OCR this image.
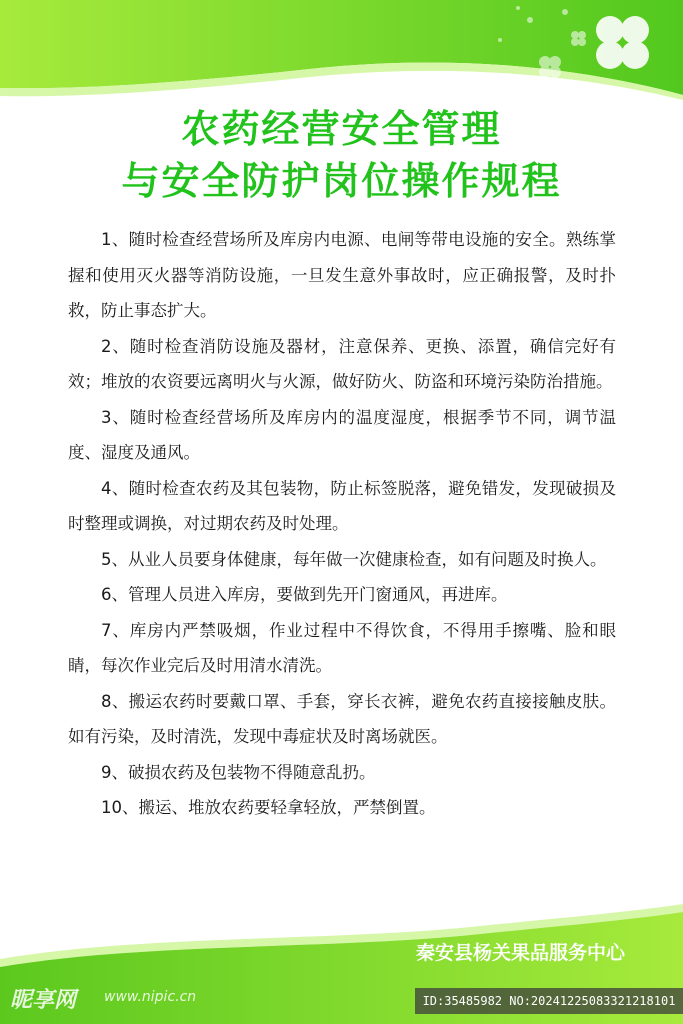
农药经营安全管理
与安全防护岗位操作规程

1、随时检查经营场所及库房内电源、电闸等带电设施的安全。熟练掌握和使用灭火器等消防设施，一旦发生意外事故时，应正确报警，及时扑救，防止事态扩大。

2、随时检查消防设施及器材，注意保养、更换、添置，确信完好有效；堆放的农资要远离明火与火源，做好防火、防盗和环境污染防治措施。

3、随时检查经营场所及库房内的温度湿度，根据季节不同，调节温度、湿度及通风。

4、随时检查农药及其包装物，防止标签脱落，避免错发，发现破损及时整理或调换，对过期农药及时处理。

5、从业人员要身体健康，每年做一次健康检查，如有问题及时换人。

6、管理人员进入库房，要做到先开门窗通风，再进库。

7、库房内严禁吸烟，作业过程中不得饮食，不得用手擦嘴、脸和眼睛，每次作业完后及时用清水清洗。

8、搬运农药时要戴口罩、手套，穿长衣裤，避免农药直接接触皮肤。如有污染，及时清洗，发现中毒症状及时离场就医。

9、破损农药及包装物不得随意乱扔。

10、搬运、堆放农药要轻拿轻放，严禁倒置。

秦安县杨关果品服务中心
昵享网 www.nipic.cn	ID:35485982 NO:20241225083321218101
